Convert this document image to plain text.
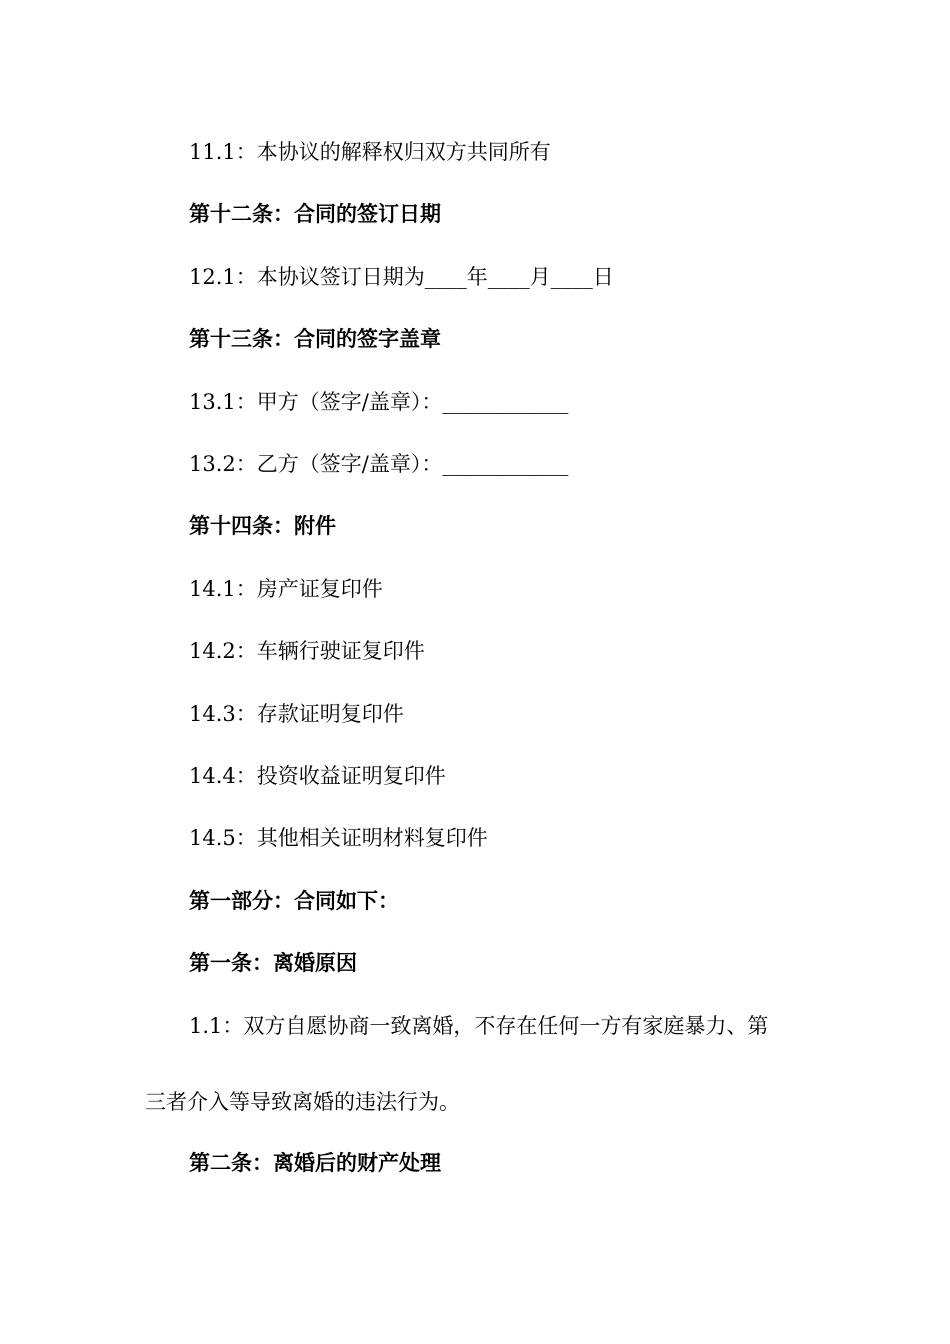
11.1：本协议的解释权归双方共同所有
第十二条：合同的签订日期
12.1：本协议签订日期为____年____月____日
第十三条：合同的签字盖章
13.1：甲方（签字/盖章）：____________
13.2：乙方（签字/盖章）：____________
第十四条：附件
14.1：房产证复印件
14.2：车辆行驶证复印件
14.3：存款证明复印件
14.4：投资收益证明复印件
14.5：其他相关证明材料复印件
第一部分：合同如下：
第一条：离婚原因
1.1：双方自愿协商一致离婚，不存在任何一方有家庭暴力、第
三者介入等导致离婚的违法行为。
第二条：离婚后的财产处理
